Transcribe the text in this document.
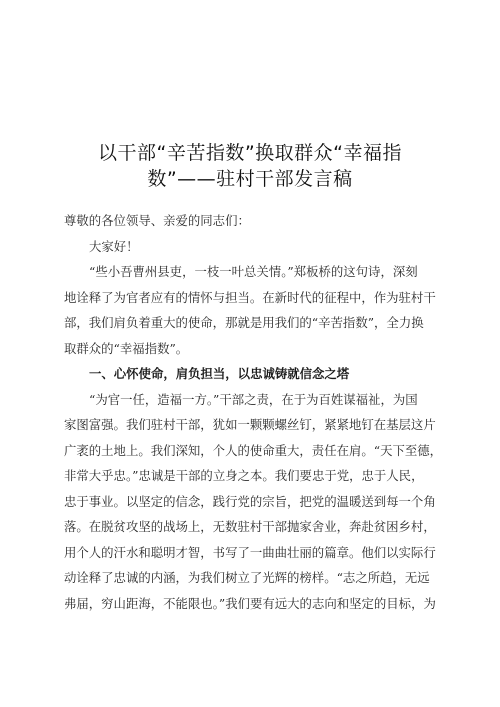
以干部“辛苦指数”换取群众“幸福指
数”——驻村干部发言稿
尊敬的各位领导、亲爱的同志们：
大家好！
“些小吾曹州县吏，一枝一叶总关情。”郑板桥的这句诗，深刻
地诠释了为官者应有的情怀与担当。在新时代的征程中，作为驻村干
部，我们肩负着重大的使命，那就是用我们的“辛苦指数”，全力换
取群众的“幸福指数”。
一、心怀使命，肩负担当，以忠诚铸就信念之塔
“为官一任，造福一方。”干部之责，在于为百姓谋福祉，为国
家图富强。我们驻村干部，犹如一颗颗螺丝钉，紧紧地钉在基层这片
广袤的土地上。我们深知，个人的使命重大，责任在肩。“天下至德，
非常大乎忠。”忠诚是干部的立身之本。我们要忠于党，忠于人民，
忠于事业。以坚定的信念，践行党的宗旨，把党的温暖送到每一个角
落。在脱贫攻坚的战场上，无数驻村干部抛家舍业，奔赴贫困乡村，
用个人的汗水和聪明才智，书写了一曲曲壮丽的篇章。他们以实际行
动诠释了忠诚的内涵，为我们树立了光辉的榜样。“志之所趋，无远
弗届，穷山距海，不能限也。”我们要有远大的志向和坚定的目标，为
